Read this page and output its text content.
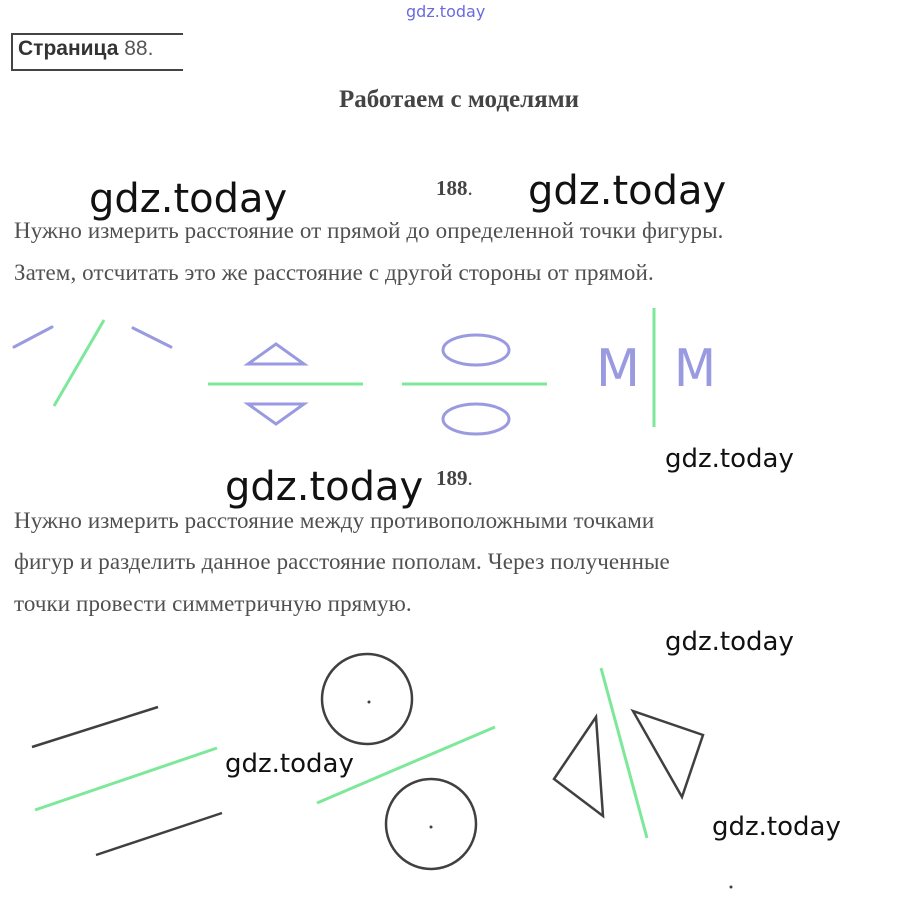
gdz.today
Страница 88.
Работаем с моделями
188.
Нужно измерить расстояние от прямой до определенной точки фигуры.
Затем, отсчитать это же расстояние с другой стороны от прямой.
189.
Нужно измерить расстояние между противоположными точками
фигур и разделить данное расстояние пополам. Через полученные
точки провести симметричную прямую.
M M
gdz.today	gdz.today
gdz.today
gdz.today
gdz.today
gdz.today
gdz.today
